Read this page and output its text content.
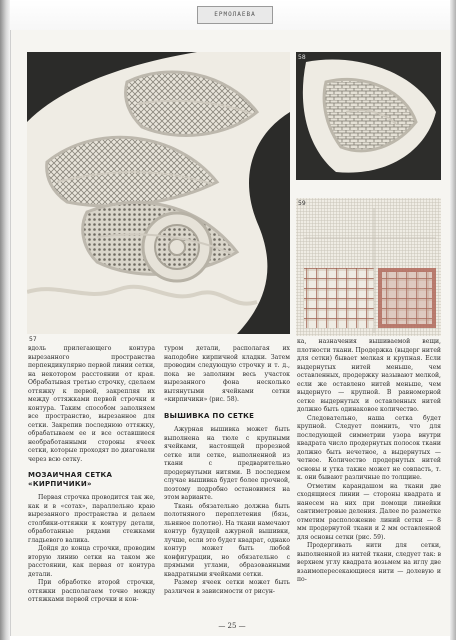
ЕРМОЛАЕВА
57
58
59

вдоль прилегающего контура вырезанного пространства перпендикулярно первой линии сетки, на некотором расстоянии от края. Обрабатывая третью строчку, сделаем оттяжку к первой, закрепляя их между оттяжками первой строчки и контура. Таким способом заполняем все пространство, вырезанное для сетки. Закрепив последнюю оттяжку, обрабатываем ее и все оставшиеся необработанными стороны ячеек сетки, которые проходят по диагонали через всю сетку.

МОЗАИЧНАЯ СЕТКА
«КИРПИЧИКИ»

Первая строчка проводится так же, как и в «сотах», параллельно краю вырезанного пространства и делаем столбики-оттяжки к контуру детали, обработанные рядами стежками гладьевого валика.

Дойдя до конца строчки, проводим вторую линию сетки на таком же расстоянии, как первая от контура детали.

При обработке второй строчки, оттяжки располагаем точно между оттяжками первой строчки и кон-

туром детали, располагая их наподобие кирпичной кладки. Затем проводим следующую строчку и т. д., пока не заполним весь участок вырезанного фона несколько вытянутыми ячейками сетки «кирпичики» (рис. 58).

ВЫШИВКА ПО СЕТКЕ

Ажурная вышивка может быть выполнена на тюле с крупными ячейками, настоящей прорезной сетке или сетке, выполненной из ткани с предварительно продернутыми нитями. В последнем случае вышивка будет более прочной, поэтому подробно остановимся на этом варианте.

Ткань обязательно должна быть полотняного переплетения (бязь, льняное полотно). На ткани намечают контур будущей ажурной вышивки, лучше, если это будет квадрат, однако контур может быть любой конфигурации, но обязательно с прямыми углами, образованными квадратными ячейками сетки.

Размер ячеек сетки может быть различен в зависимости от рисун-

ка, назначения вышиваемой вещи, плотности ткани. Продержка (выдерг нитей для сетки) бывает мелкая и крупная. Если выдернутых нитей меньше, чем оставленных, продержку называют мелкой, если же оставлено нитей меньше, чем выдернуто — крупной. В равномерной сетке выдернутых и оставленных нитей должно быть одинаковое количество.

Следовательно, наша сетка будет крупной. Следует помнить, что для последующей симметрии узора внутри квадрата число продернутых полосок ткани должно быть нечетное, а выдернутых — четное. Количество продернутых нитей основы и утка также может не совпасть, т. к. они бывают различные по толщине.

Отметим карандашом на ткани две сходящиеся линии — стороны квадрата и нанесем на них при помощи линейки сантиметровые деления. Далее по разметке отметим расположение линий сетки — 8 мм продернутой ткани и 2 мм оставленной для основы сетки (рис. 59).

Продергивать нити для сетки, выполненной из нитей ткани, следует так: в верхнем углу квадрата возьмем на иглу две взаимопересекающиеся нити — долевую и по-

— 25 —
